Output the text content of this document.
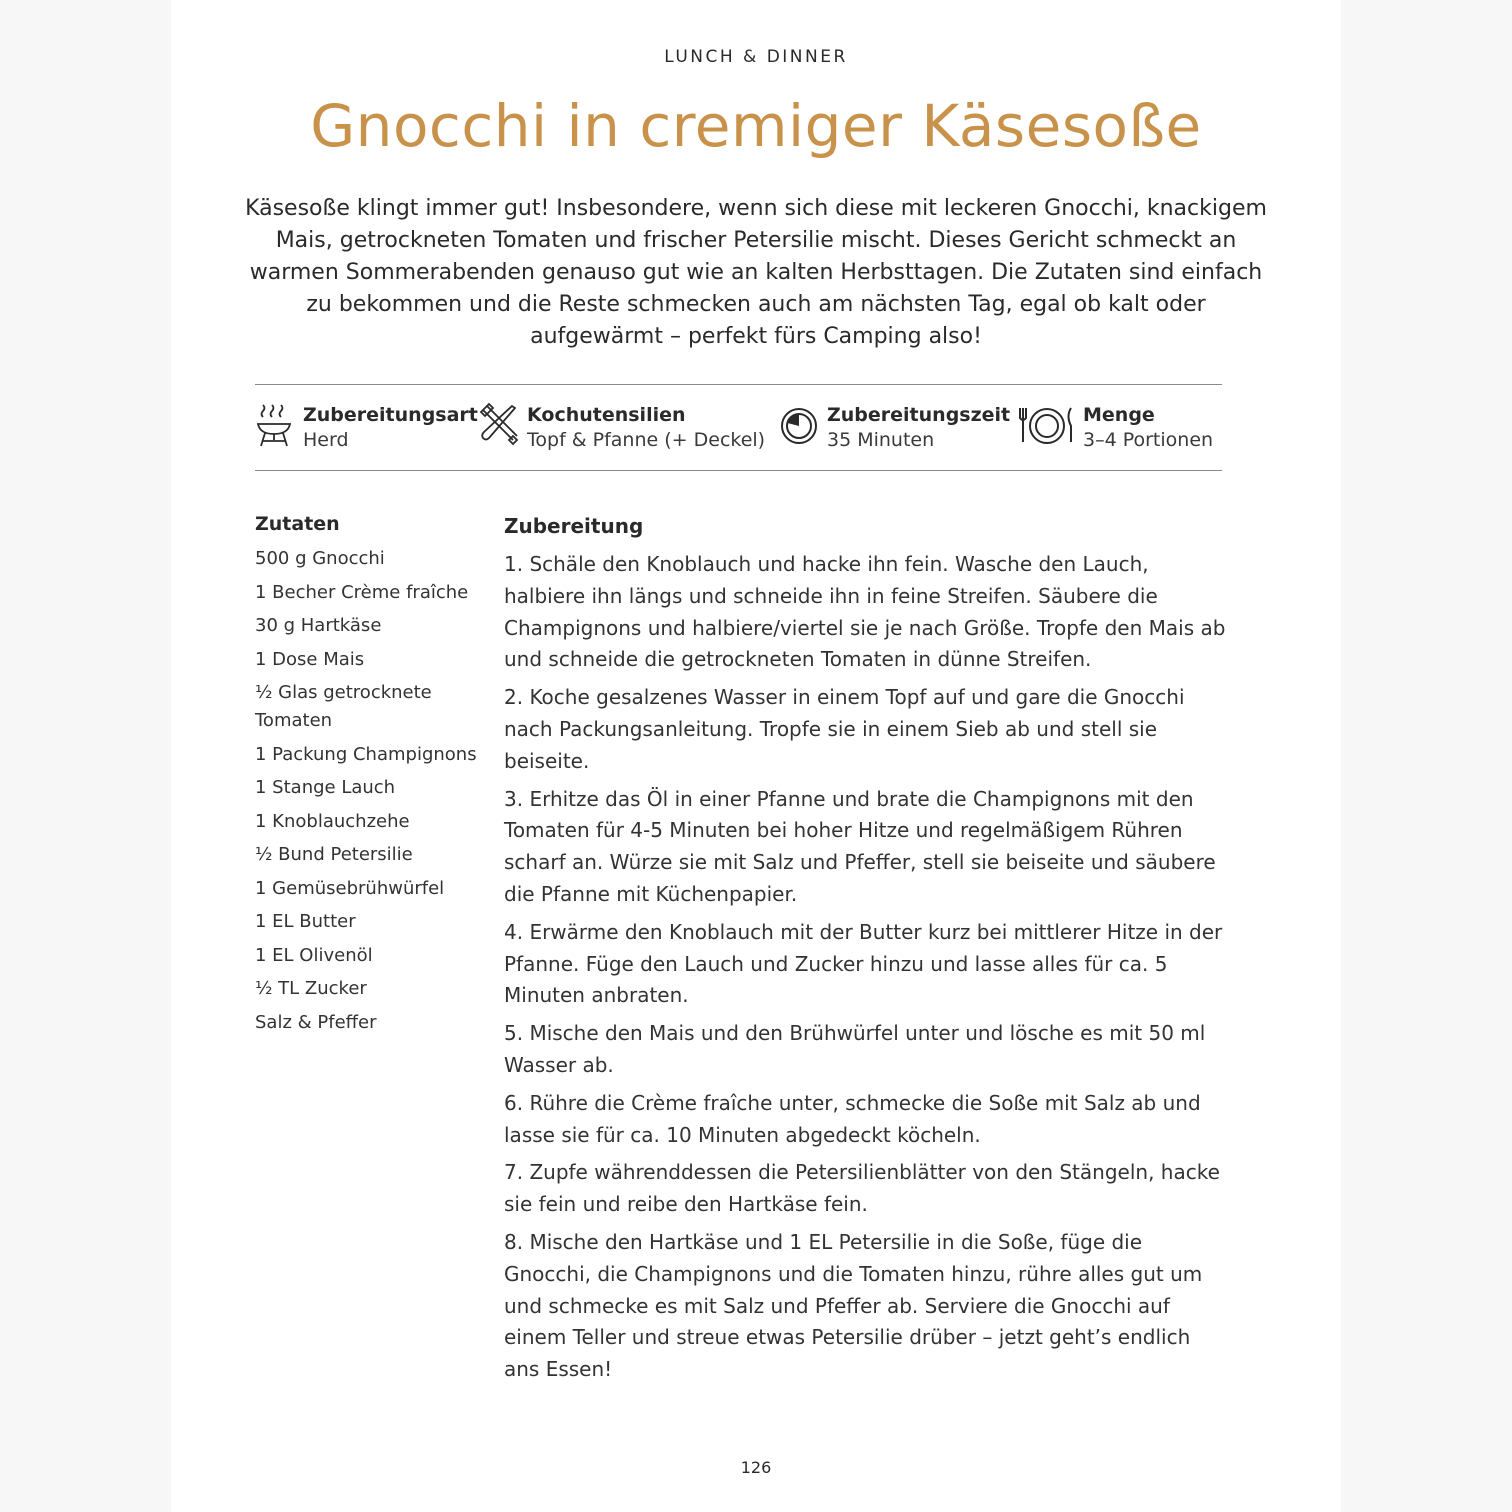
LUNCH & DINNER
Gnocchi in cremiger Käsesoße

Käsesoße klingt immer gut! Insbesondere, wenn sich diese mit leckeren Gnocchi, knackigem Mais, getrockneten Tomaten und frischer Petersilie mischt. Dieses Gericht schmeckt an warmen Sommerabenden genauso gut wie an kalten Herbsttagen. Die Zutaten sind einfach zu bekommen und die Reste schmecken auch am nächsten Tag, egal ob kalt oder aufgewärmt – perfekt fürs Camping also!

Zubereitungsart
Herd
Kochutensilien
Topf & Pfanne (+ Deckel)
Zubereitungszeit
35 Minuten
Menge
3–4 Portionen
Zutaten
500 g Gnocchi
1 Becher Crème fraîche
30 g Hartkäse
1 Dose Mais
½ Glas getrocknete Tomaten
1 Packung Champignons
1 Stange Lauch
1 Knoblauchzehe
½ Bund Petersilie
1 Gemüsebrühwürfel
1 EL Butter
1 EL Olivenöl
½ TL Zucker
Salz & Pfeffer
Zubereitung
1. Schäle den Knoblauch und hacke ihn fein. Wasche den Lauch, halbiere ihn längs und schneide ihn in feine Streifen. Säubere die Champignons und halbiere/viertel sie je nach Größe. Tropfe den Mais ab und schneide die getrockneten Tomaten in dünne Streifen.
2. Koche gesalzenes Wasser in einem Topf auf und gare die Gnocchi nach Packungsanleitung. Tropfe sie in einem Sieb ab und stell sie beiseite.
3. Erhitze das Öl in einer Pfanne und brate die Champignons mit den Tomaten für 4-5 Minuten bei hoher Hitze und regelmäßigem Rühren scharf an. Würze sie mit Salz und Pfeffer, stell sie beiseite und säubere die Pfanne mit Küchenpapier.
4. Erwärme den Knoblauch mit der Butter kurz bei mittlerer Hitze in der Pfanne. Füge den Lauch und Zucker hinzu und lasse alles für ca. 5 Minuten anbraten.
5. Mische den Mais und den Brühwürfel unter und lösche es mit 50 ml Wasser ab.
6. Rühre die Crème fraîche unter, schmecke die Soße mit Salz ab und lasse sie für ca. 10 Minuten abgedeckt köcheln.
7. Zupfe währenddessen die Petersilienblätter von den Stängeln, hacke sie fein und reibe den Hartkäse fein.
8. Mische den Hartkäse und 1 EL Petersilie in die Soße, füge die Gnocchi, die Champignons und die Tomaten hinzu, rühre alles gut um und schmecke es mit Salz und Pfeffer ab. Serviere die Gnocchi auf einem Teller und streue etwas Petersilie drüber – jetzt geht’s endlich ans Essen!
126
